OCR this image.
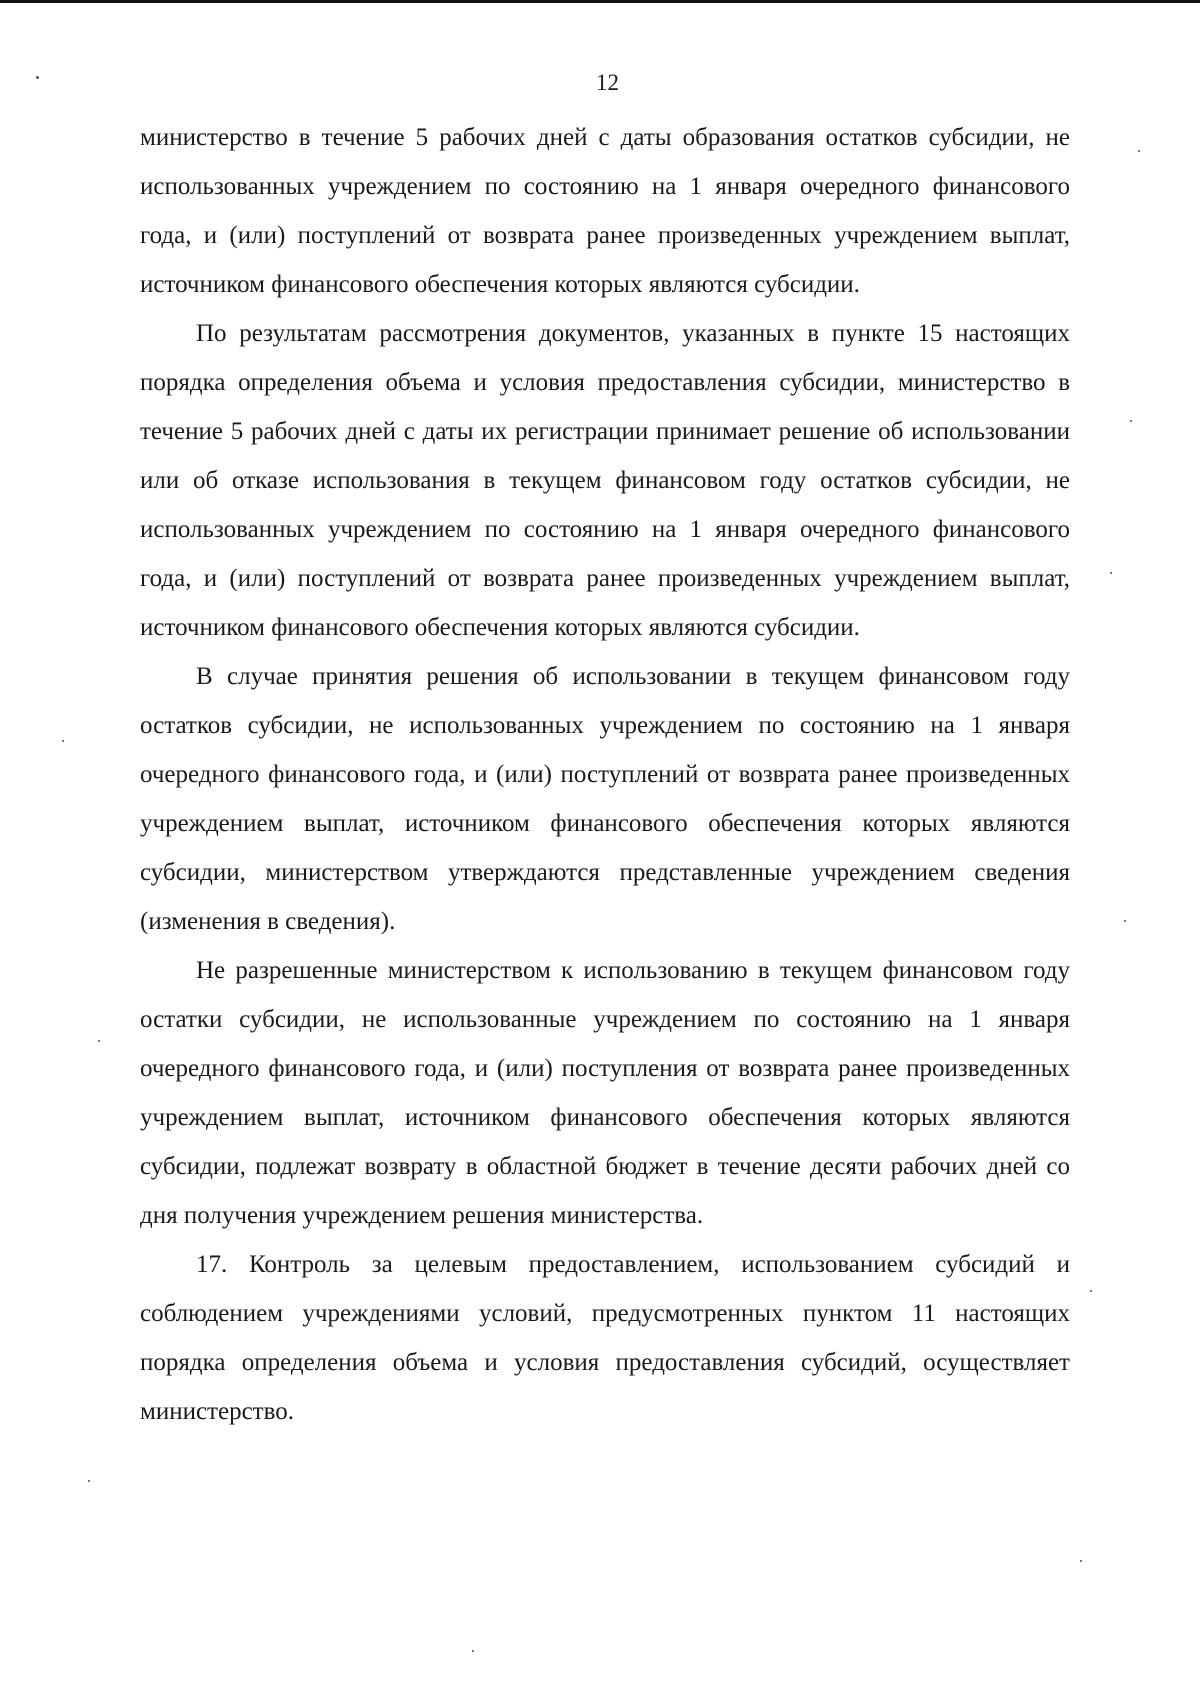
12

министерство в течение 5 рабочих дней с даты образования остатков субсидии, не использованных учреждением по состоянию на 1 января очередного финансового года, и (или) поступлений от возврата ранее произведенных учреждением выплат, источником финансового обеспечения которых являются субсидии.

По результатам рассмотрения документов, указанных в пункте 15 настоящих порядка определения объема и условия предоставления субсидии, министерство в течение 5 рабочих дней с даты их регистрации принимает решение об использовании или об отказе использования в текущем финансовом году остатков субсидии, не использованных учреждением по состоянию на 1 января очередного финансового года, и (или) поступлений от возврата ранее произведенных учреждением выплат, источником финансового обеспечения которых являются субсидии.

В случае принятия решения об использовании в текущем финансовом году остатков субсидии, не использованных учреждением по состоянию на 1 января очередного финансового года, и (или) поступлений от возврата ранее произведенных учреждением выплат, источником финансового обеспечения которых являются субсидии, министерством утверждаются представленные учреждением сведения (изменения в сведения).

Не разрешенные министерством к использованию в текущем финансовом году остатки субсидии, не использованные учреждением по состоянию на 1 января очередного финансового года, и (или) поступления от возврата ранее произведенных учреждением выплат, источником финансового обеспечения которых являются субсидии, подлежат возврату в областной бюджет в течение десяти рабочих дней со дня получения учреждением решения министерства.

17. Контроль за целевым предоставлением, использованием субсидий и соблюдением учреждениями условий, предусмотренных пунктом 11 настоящих порядка определения объема и условия предоставления субсидий, осуществляет министерство.
